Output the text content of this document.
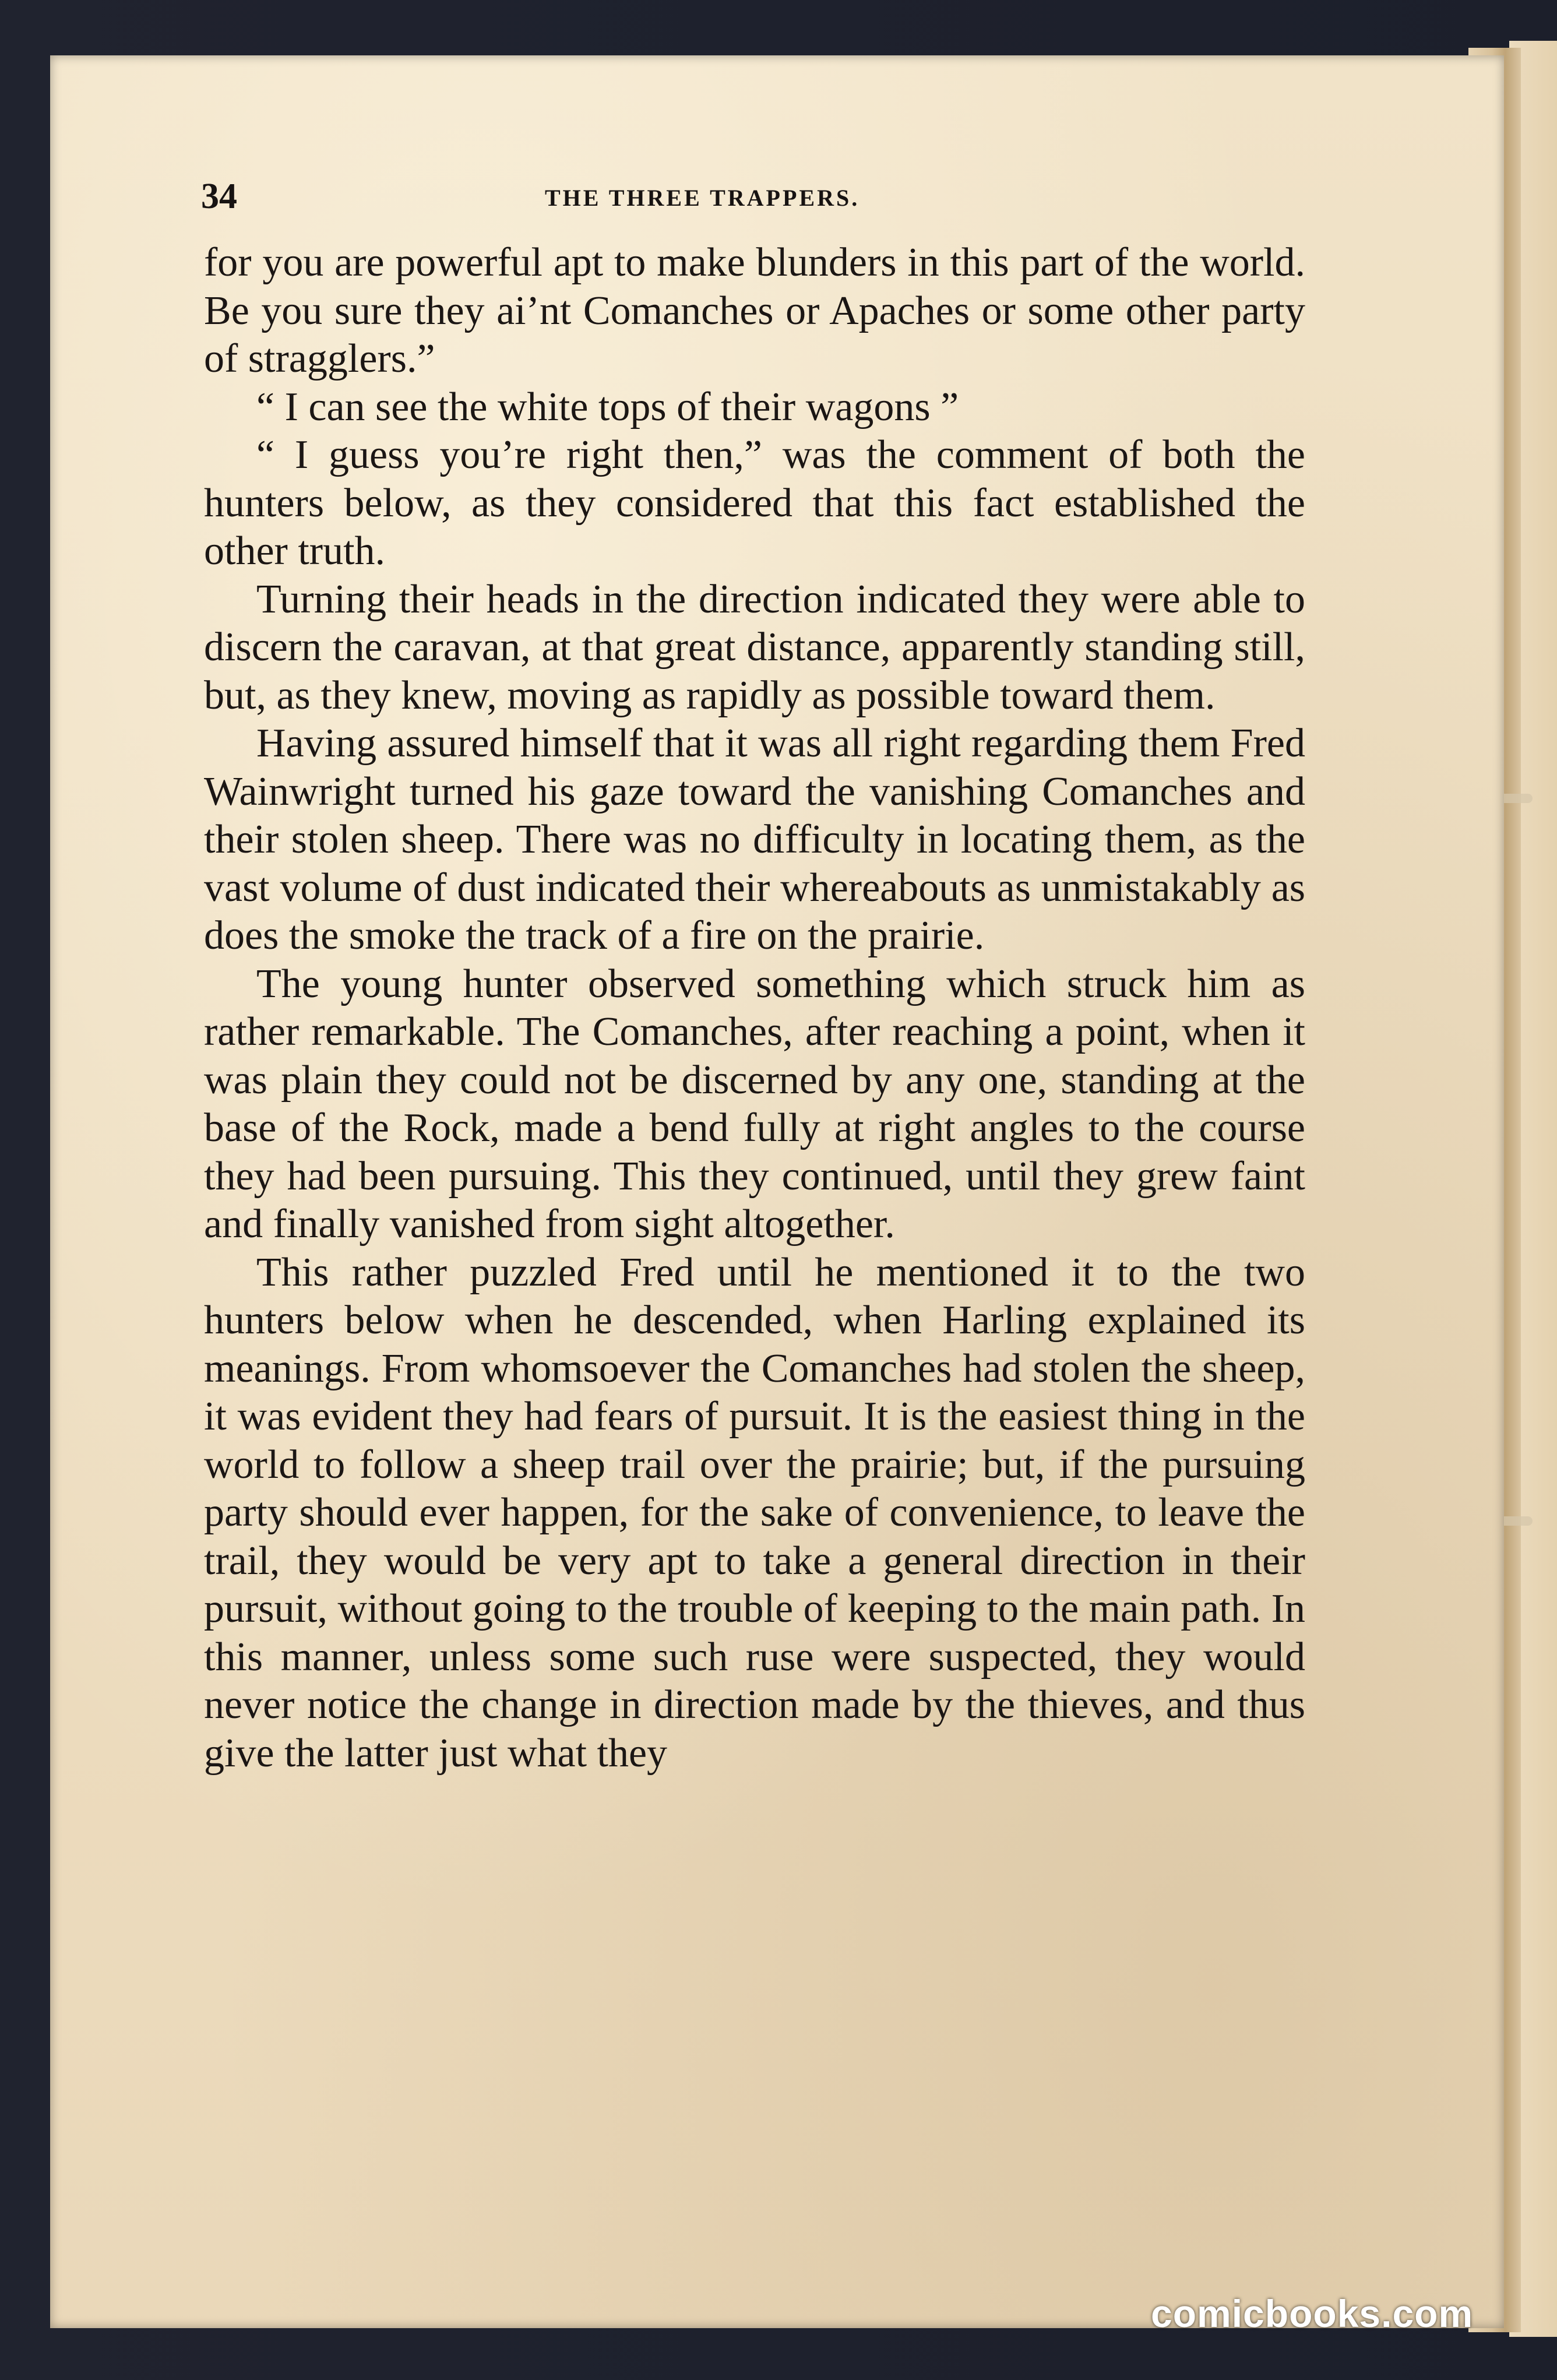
34	THE THREE TRAPPERS.

for you are powerful apt to make blunders in this part of the world. Be you sure they ai’nt Comanches or Apaches or some other party of stragglers.”

“ I can see the white tops of their wagons ”

“ I guess you’re right then,” was the comment of both the hunters below, as they considered that this fact established the other truth.

Turning their heads in the direction indicated they were able to discern the caravan, at that great distance, apparently standing still, but, as they knew, moving as rapidly as possible toward them.

Having assured himself that it was all right regarding them Fred Wainwright turned his gaze toward the vanishing Comanches and their stolen sheep. There was no difficulty in locating them, as the vast volume of dust indicated their whereabouts as unmistakably as does the smoke the track of a fire on the prairie.

The young hunter observed something which struck him as rather remarkable. The Comanches, after reaching a point, when it was plain they could not be discerned by any one, standing at the base of the Rock, made a bend fully at right angles to the course they had been pursuing. This they continued, until they grew faint and finally vanished from sight altogether.

This rather puzzled Fred until he mentioned it to the two hunters below when he descended, when Harling explained its meanings. From whomsoever the Comanches had stolen the sheep, it was evident they had fears of pursuit. It is the easiest thing in the world to follow a sheep trail over the prairie; but, if the pursuing party should ever happen, for the sake of convenience, to leave the trail, they would be very apt to take a general direction in their pursuit, without going to the trouble of keeping to the main path. In this manner, unless some such ruse were suspected, they would never notice the change in direction made by the thieves, and thus give the latter just what they

comicbooks.com
